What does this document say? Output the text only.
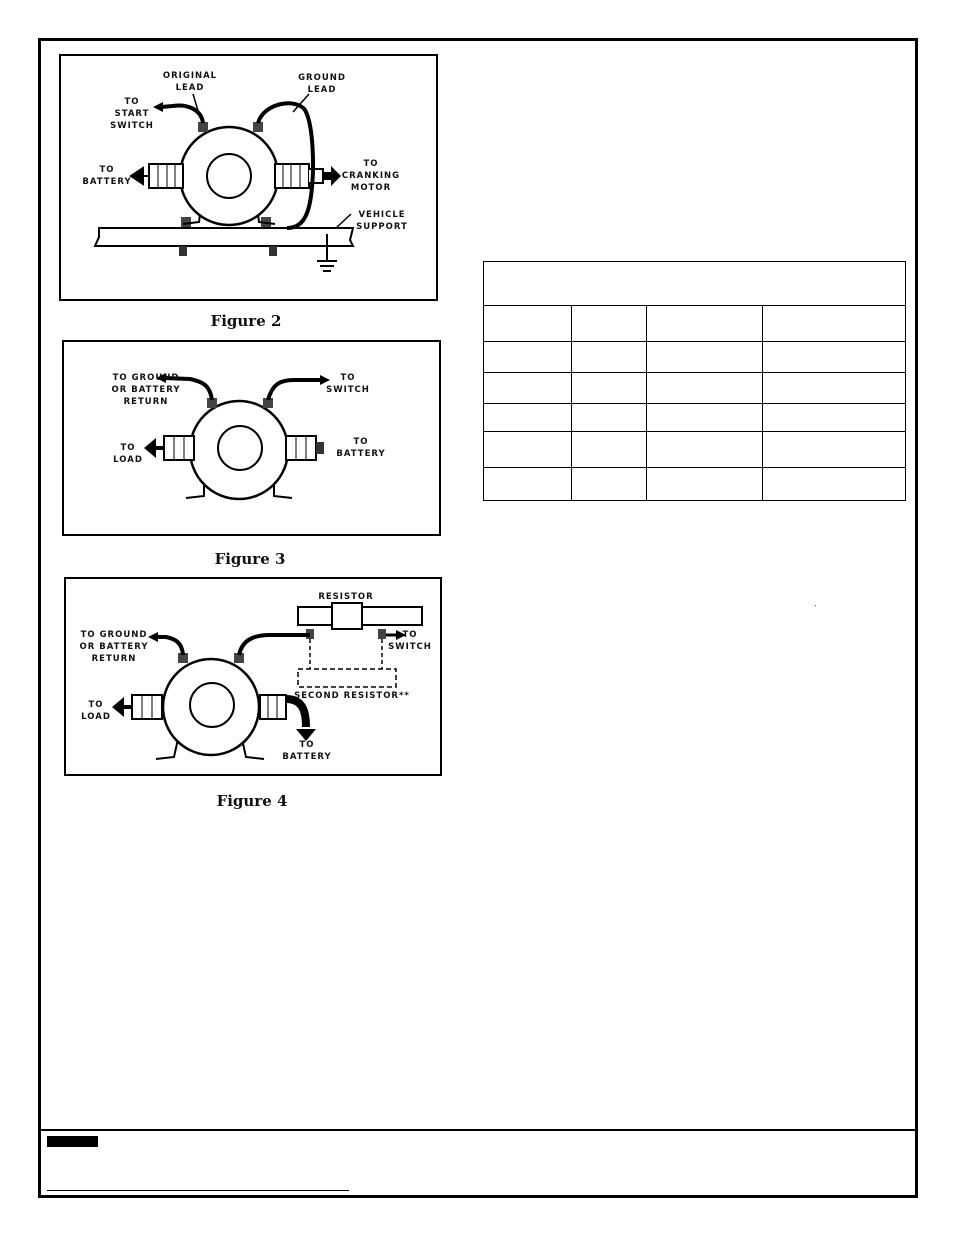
ORIGINAL
LEAD
GROUND
LEAD
TO
START
SWITCH
TO
BATTERY
TO
CRANKING
MOTOR
VEHICLE
SUPPORT
Figure 2
TO GROUND
OR BATTERY
RETURN
TO
SWITCH
TO
LOAD
TO
BATTERY
Figure 3
RESISTOR
TO GROUND
OR BATTERY
RETURN
TO
SWITCH
SECOND RESISTOR**
TO
LOAD
TO
BATTERY
Figure 4
